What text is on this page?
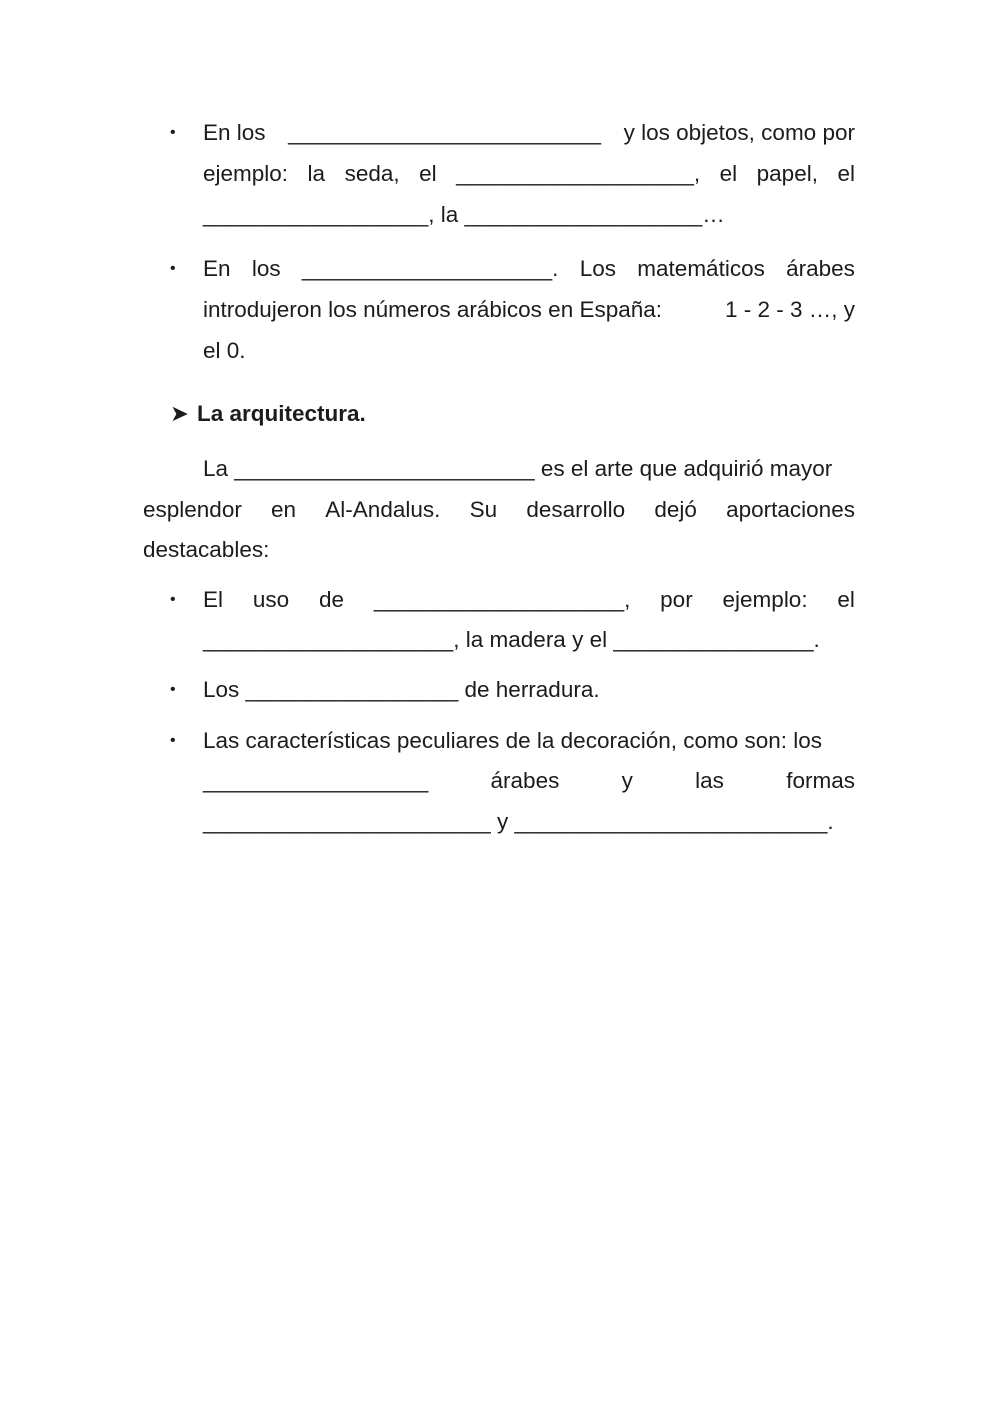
• En los _________________________ y los objetos, como por
ejemplo: la seda, el ___________________, el papel, el
__________________, la ___________________…
• En los ____________________. Los matemáticos árabes
introdujeron los números arábicos en España:	1 - 2 - 3 …, y
el 0.
➤ La arquitectura.
La ________________________ es el arte que adquirió mayor
esplendor en Al-Andalus. Su desarrollo dejó aportaciones
destacables:
• El uso de ____________________, por ejemplo: el
____________________, la madera y el ________________.
• Los _________________ de herradura.
• Las características peculiares de la decoración, como son: los
__________________	árabes	y	las	formas
_______________________ y _________________________.
